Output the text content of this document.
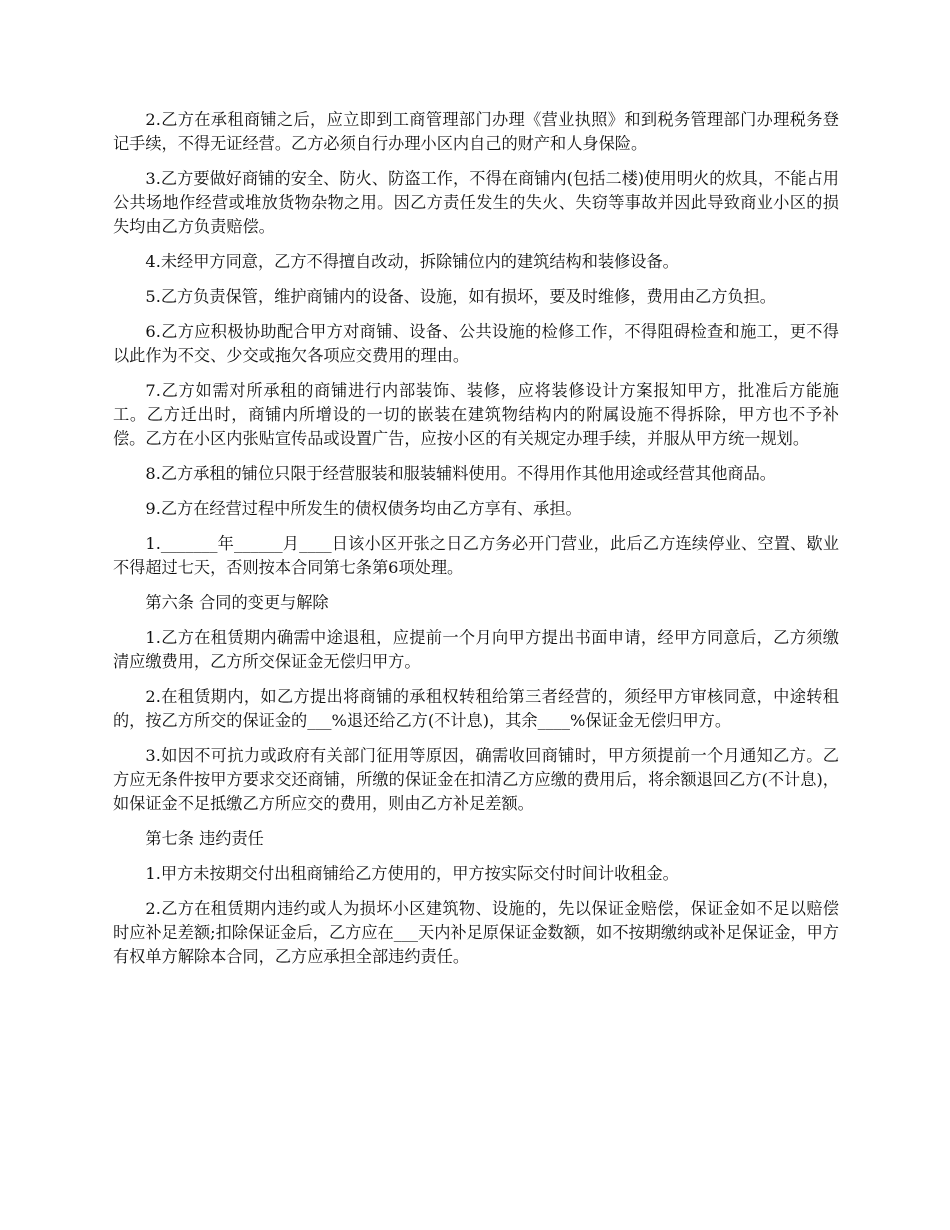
2.乙方在承租商铺之后，应立即到工商管理部门办理《营业执照》和到税务管理部门办理税务登记手续，不得无证经营。乙方必须自行办理小区内自己的财产和人身保险。

3.乙方要做好商铺的安全、防火、防盗工作，不得在商铺内(包括二楼)使用明火的炊具，不能占用公共场地作经营或堆放货物杂物之用。因乙方责任发生的失火、失窃等事故并因此导致商业小区的损失均由乙方负责赔偿。

4.未经甲方同意，乙方不得擅自改动，拆除铺位内的建筑结构和装修设备。

5.乙方负责保管，维护商铺内的设备、设施，如有损坏，要及时维修，费用由乙方负担。

6.乙方应积极协助配合甲方对商铺、设备、公共设施的检修工作，不得阻碍检查和施工，更不得以此作为不交、少交或拖欠各项应交费用的理由。

7.乙方如需对所承租的商铺进行内部装饰、装修，应将装修设计方案报知甲方，批准后方能施工。乙方迁出时，商铺内所增设的一切的嵌装在建筑物结构内的附属设施不得拆除，甲方也不予补偿。乙方在小区内张贴宣传品或设置广告，应按小区的有关规定办理手续，并服从甲方统一规划。

8.乙方承租的铺位只限于经营服装和服装辅料使用。不得用作其他用途或经营其他商品。

9.乙方在经营过程中所发生的债权债务均由乙方享有、承担。

1._______年______月____日该小区开张之日乙方务必开门营业，此后乙方连续停业、空置、歇业不得超过七天，否则按本合同第七条第6项处理。

第六条 合同的变更与解除

1.乙方在租赁期内确需中途退租，应提前一个月向甲方提出书面申请，经甲方同意后，乙方须缴清应缴费用，乙方所交保证金无偿归甲方。

2.在租赁期内，如乙方提出将商铺的承租权转租给第三者经营的，须经甲方审核同意，中途转租的，按乙方所交的保证金的___%退还给乙方(不计息)，其余____%保证金无偿归甲方。

3.如因不可抗力或政府有关部门征用等原因，确需收回商铺时，甲方须提前一个月通知乙方。乙方应无条件按甲方要求交还商铺，所缴的保证金在扣清乙方应缴的费用后，将余额退回乙方(不计息)，如保证金不足抵缴乙方所应交的费用，则由乙方补足差额。

第七条 违约责任

1.甲方未按期交付出租商铺给乙方使用的，甲方按实际交付时间计收租金。

2.乙方在租赁期内违约或人为损坏小区建筑物、设施的，先以保证金赔偿，保证金如不足以赔偿时应补足差额;扣除保证金后，乙方应在___天内补足原保证金数额，如不按期缴纳或补足保证金，甲方有权单方解除本合同，乙方应承担全部违约责任。
